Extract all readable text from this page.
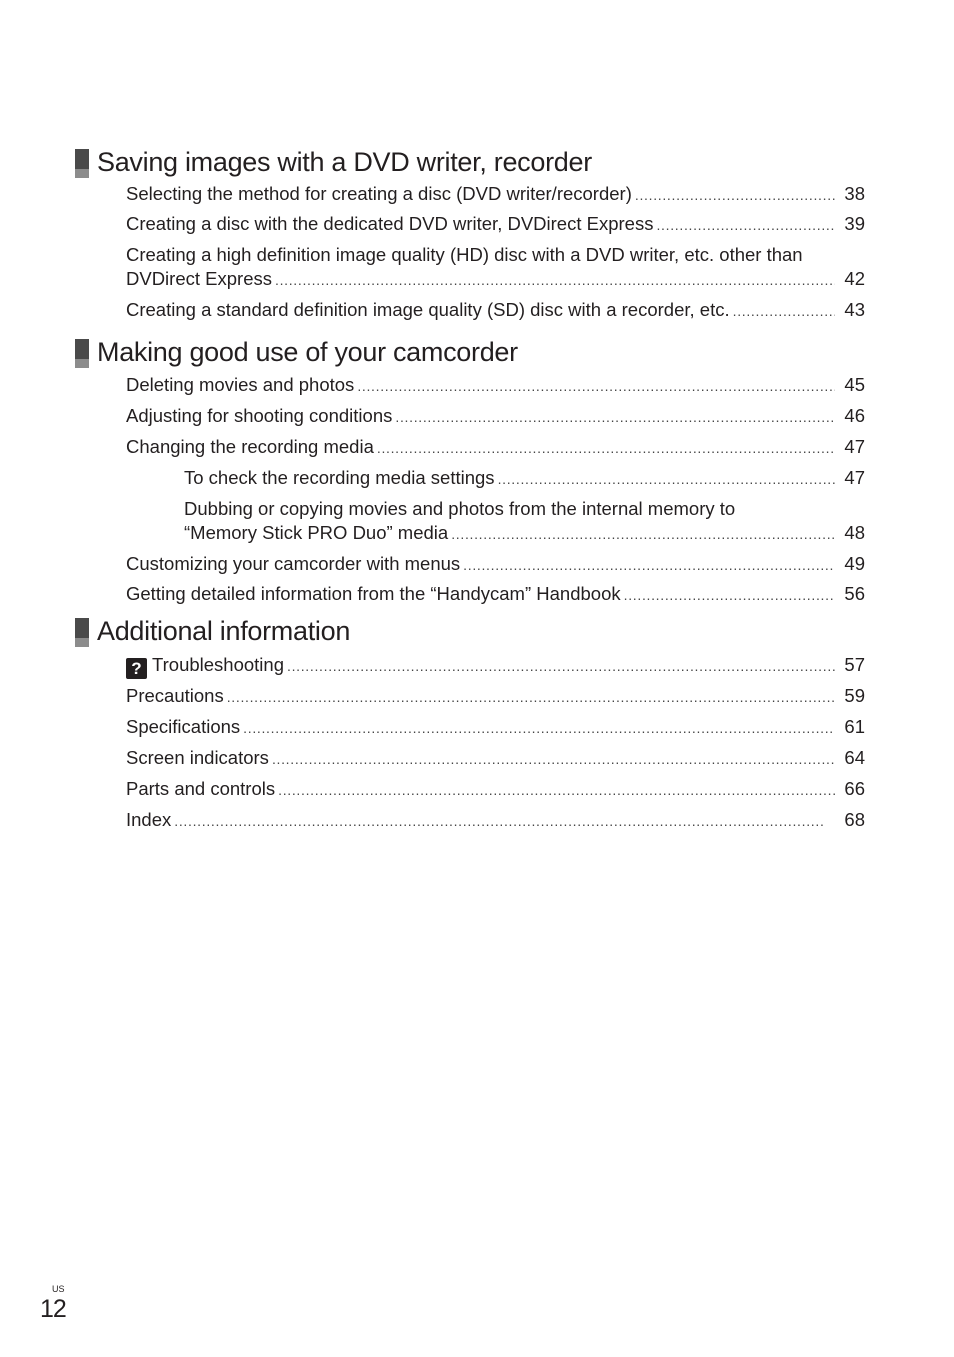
Saving images with a DVD writer, recorder
Selecting the method for creating a disc (DVD writer/recorder) . . .	38
Creating a disc with the dedicated DVD writer, DVDirect Express . . .	39
Creating a high definition image quality (HD) disc with a DVD writer, etc. other than
DVDirect Express . . .	42
Creating a standard definition image quality (SD) disc with a recorder, etc. . . .	43
Making good use of your camcorder
Deleting movies and photos . . .	45
Adjusting for shooting conditions . . .	46
Changing the recording media . . .	47
To check the recording media settings . . .	47
Dubbing or copying movies and photos from the internal memory to
“Memory Stick PRO Duo” media . . .	48
Customizing your camcorder with menus . . .	49
Getting detailed information from the “Handycam” Handbook . . .	56
Additional information
? Troubleshooting . . .	57
Precautions . . .	59
Specifications . . .	61
Screen indicators . . .	64
Parts and controls . . .	66
Index . . .	68
US
12
